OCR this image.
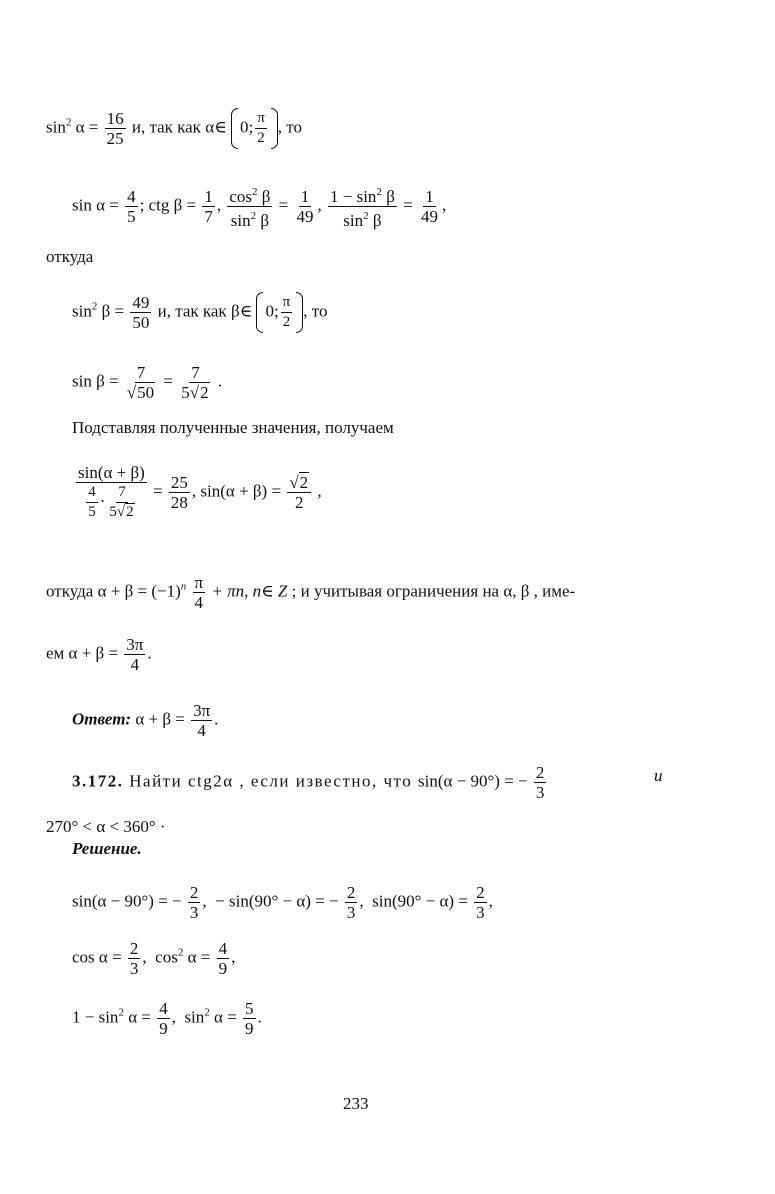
$\sin^2 \alpha = \frac{16}{25} и$, так как α∈ 0; $\frac{\pi}{2}$ , то
$\sin \alpha = \frac{4}{5}$ ; ctg $\beta = \frac{1}{7}$ , $\frac{\cos^2 \beta}{\sin^2 \beta} = \frac{1}{49}$ , $\frac{1 - \sin^2 \beta}{\sin^2 \beta} = \frac{1}{49}$ ,
откуда
$\sin^2 \beta = \frac{49}{50} и$, так как β∈ 0; $\frac{\pi}{2}$ , то
$\sin \beta = \frac{7}{√50} = \frac{7}{5√2}$ .
Подставляя полученные значения, получаем
$\frac{\sin(\alpha + \beta)}{\frac{4}{5} \cdot \frac{7}{5√2}} = \frac{25}{28}$ , $\sin(\alpha + \beta) = \frac{√2}{2}$ ,
откуда $\alpha + \beta = (-1)^n \frac{\pi}{4} + \pi n$, n∈ Z ; и учитывая ограничения на α, β , име-
ем $\alpha + \beta = \frac{3\pi}{4}$ .
Ответ: $\alpha + \beta = \frac{3\pi}{4}$ .
3.172. Найти ctg2α , если известно, что sin(α − 90°) = − $\frac{2}{3}$	и
270° < α < 360° ·
Решение.
sin(α − 90°) = − $\frac{2}{3}$ , − sin(90° − α) = − $\frac{2}{3}$ , $\sin(90^\circ - \alpha) = \frac{2}{3}$ ,
$\cos \alpha = \frac{2}{3}$ , $\cos^2 \alpha = \frac{4}{9}$ ,
$1 - \sin^2 \alpha = \frac{4}{9}$ , $\sin^2 \alpha = \frac{5}{9}$ .
233
